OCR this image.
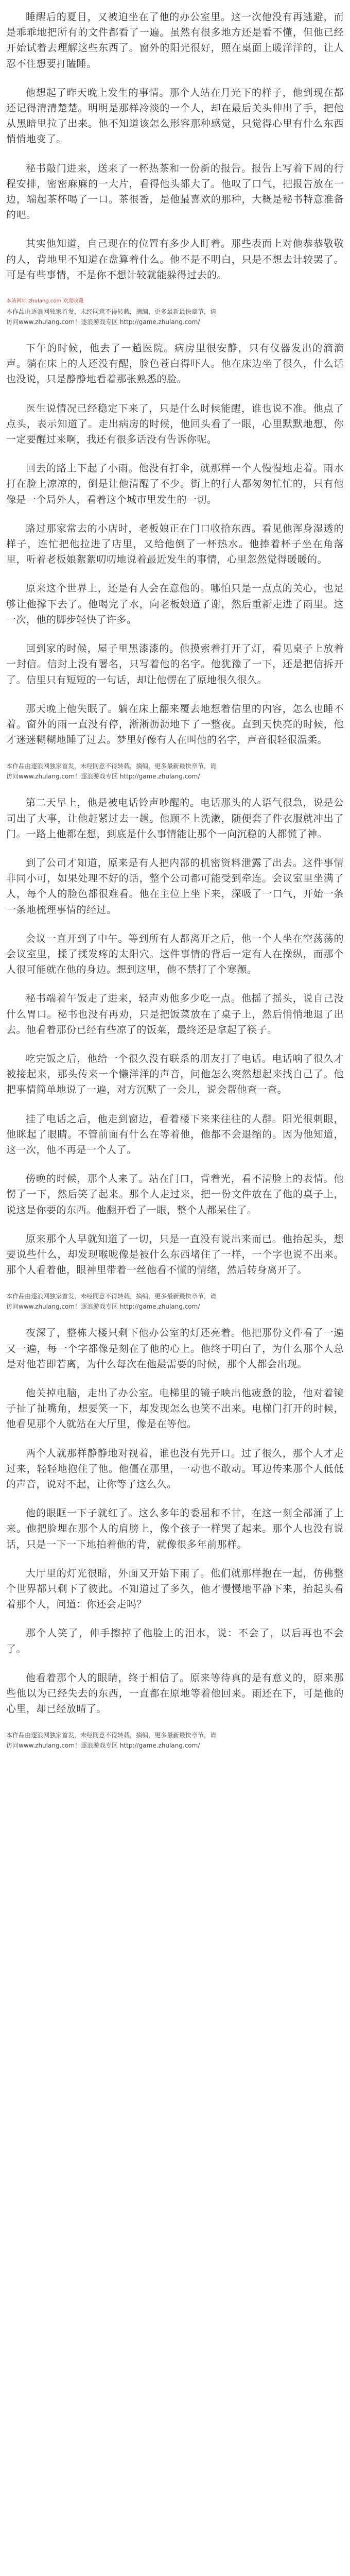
睡醒后的夏目，又被迫坐在了他的办公室里。这一次他没有再逃避，而是乖乖地把所有的文件都看了一遍。虽然有很多地方还是看不懂，但他已经开始试着去理解这些东西了。窗外的阳光很好，照在桌面上暖洋洋的，让人忍不住想要打瞌睡。

他想起了昨天晚上发生的事情。那个人站在月光下的样子，他到现在都还记得清清楚楚。明明是那样冷淡的一个人，却在最后关头伸出了手，把他从黑暗里拉了出来。他不知道该怎么形容那种感觉，只觉得心里有什么东西悄悄地变了。

秘书敲门进来，送来了一杯热茶和一份新的报告。报告上写着下周的行程安排，密密麻麻的一大片，看得他头都大了。他叹了口气，把报告放在一边，端起茶杯喝了一口。茶很香，是他最喜欢的那种，大概是秘书特意准备的吧。

其实他知道，自己现在的位置有多少人盯着。那些表面上对他恭恭敬敬的人，背地里不知道在盘算着什么。他不是不明白，只是不想去计较罢了。可是有些事情，不是你不想计较就能躲得过去的。

本站网址 zhulang.com 欢迎收藏
本作品由逐浪网独家首发，未经同意不得转载，摘编，更多最新最快章节，请
访问www.zhulang.com！逐浪游戏专区 http://game.zhulang.com/

下午的时候，他去了一趟医院。病房里很安静，只有仪器发出的滴滴声。躺在床上的人还没有醒，脸色苍白得吓人。他在床边坐了很久，什么话也没说，只是静静地看着那张熟悉的脸。

医生说情况已经稳定下来了，只是什么时候能醒，谁也说不准。他点了点头，表示知道了。走出病房的时候，他回头看了一眼，心里默默地想，你一定要醒过来啊，我还有很多话没有告诉你呢。

回去的路上下起了小雨。他没有打伞，就那样一个人慢慢地走着。雨水打在脸上凉凉的，倒是让他清醒了不少。街上的行人都匆匆忙忙的，只有他像是一个局外人，看着这个城市里发生的一切。

路过那家常去的小店时，老板娘正在门口收拾东西。看见他浑身湿透的样子，连忙把他拉进了店里，又给他倒了一杯热水。他捧着杯子坐在角落里，听着老板娘絮絮叨叨地说着最近发生的事情，心里忽然觉得暖暖的。

原来这个世界上，还是有人会在意他的。哪怕只是一点点的关心，也足够让他撑下去了。他喝完了水，向老板娘道了谢，然后重新走进了雨里。这一次，他的脚步轻快了许多。

回到家的时候，屋子里黑漆漆的。他摸索着打开了灯，看见桌子上放着一封信。信封上没有署名，只写着他的名字。他犹豫了一下，还是把信拆开了。信里只有短短的一句话，却让他愣在了原地很久很久。

那天晚上他失眠了。躺在床上翻来覆去地想着信里的内容，怎么也睡不着。窗外的雨一直没有停，淅淅沥沥地下了一整夜。直到天快亮的时候，他才迷迷糊糊地睡了过去。梦里好像有人在叫他的名字，声音很轻很温柔。

本作品由逐浪网独家首发，未经同意不得转载，摘编，更多最新最快章节，请
访问www.zhulang.com！逐浪游戏专区 http://game.zhulang.com/

第二天早上，他是被电话铃声吵醒的。电话那头的人语气很急，说是公司出了大事，让他赶紧过去一趟。他顾不上洗漱，随便套了件衣服就冲出了门。一路上他都在想，到底是什么事情能让那个一向沉稳的人都慌了神。

到了公司才知道，原来是有人把内部的机密资料泄露了出去。这件事情非同小可，如果处理不好的话，整个公司都可能受到牵连。会议室里坐满了人，每个人的脸色都很难看。他在主位上坐下来，深吸了一口气，开始一条一条地梳理事情的经过。

会议一直开到了中午。等到所有人都离开之后，他一个人坐在空荡荡的会议室里，揉了揉发疼的太阳穴。这件事情的背后一定有人在操纵，而那个人很可能就在他的身边。想到这里，他不禁打了个寒颤。

秘书端着午饭走了进来，轻声劝他多少吃一点。他摇了摇头，说自己没什么胃口。秘书也没有再劝，只是把饭菜放在了桌子上，然后悄悄地退了出去。他看着那份已经有些凉了的饭菜，最终还是拿起了筷子。

吃完饭之后，他给一个很久没有联系的朋友打了电话。电话响了很久才被接起来，那头传来一个懒洋洋的声音，问他怎么突然想起来找自己了。他把事情简单地说了一遍，对方沉默了一会儿，说会帮他查一查。

挂了电话之后，他走到窗边，看着楼下来来往往的人群。阳光很刺眼，他眯起了眼睛。不管前面有什么在等着他，他都不会退缩的。因为他知道，这一次，他不再是一个人了。

傍晚的时候，那个人来了。站在门口，背着光，看不清脸上的表情。他愣了一下，然后笑了起来。那个人走过来，把一份文件放在了他的桌子上，说这是你要的东西。他翻开看了一眼，整个人都呆住了。

原来那个人早就知道了一切，只是一直没有说出来而已。他抬起头，想要说些什么，却发现喉咙像是被什么东西堵住了一样，一个字也说不出来。那个人看着他，眼神里带着一丝他看不懂的情绪，然后转身离开了。

本作品由逐浪网独家首发，未经同意不得转载，摘编，更多最新最快章节，请
访问www.zhulang.com！逐浪游戏专区 http://game.zhulang.com/

夜深了，整栋大楼只剩下他办公室的灯还亮着。他把那份文件看了一遍又一遍，每一个字都像是刻在了他的心上。他终于明白了，为什么那个人总是对他若即若离，为什么每次在他最需要的时候，那个人都会出现。

他关掉电脑，走出了办公室。电梯里的镜子映出他疲惫的脸，他对着镜子扯了扯嘴角，想要笑一下，却发现怎么也笑不出来。电梯门打开的时候，他看见那个人就站在大厅里，像是在等他。

两个人就那样静静地对视着，谁也没有先开口。过了很久，那个人才走过来，轻轻地抱住了他。他僵在那里，一动也不敢动。耳边传来那个人低低的声音，说对不起，让你等了这么久。

他的眼眶一下子就红了。这么多年的委屈和不甘，在这一刻全部涌了上来。他把脸埋在那个人的肩膀上，像个孩子一样哭了起来。那个人也没有说话，只是一下一下地拍着他的背，就像很多年前那样。

大厅里的灯光很暗，外面又开始下雨了。他们就那样抱在一起，仿佛整个世界都只剩下了彼此。不知道过了多久，他才慢慢地平静下来，抬起头看着那个人，问道：你还会走吗？

那个人笑了，伸手擦掉了他脸上的泪水，说：不会了，以后再也不会了。

他看着那个人的眼睛，终于相信了。原来等待真的是有意义的，原来那些他以为已经失去的东西，一直都在原地等着他回来。雨还在下，可是他的心里，却已经放晴了。

本作品由逐浪网独家首发，未经同意不得转载，摘编，更多最新最快章节，请
访问www.zhulang.com！逐浪游戏专区 http://game.zhulang.com/
